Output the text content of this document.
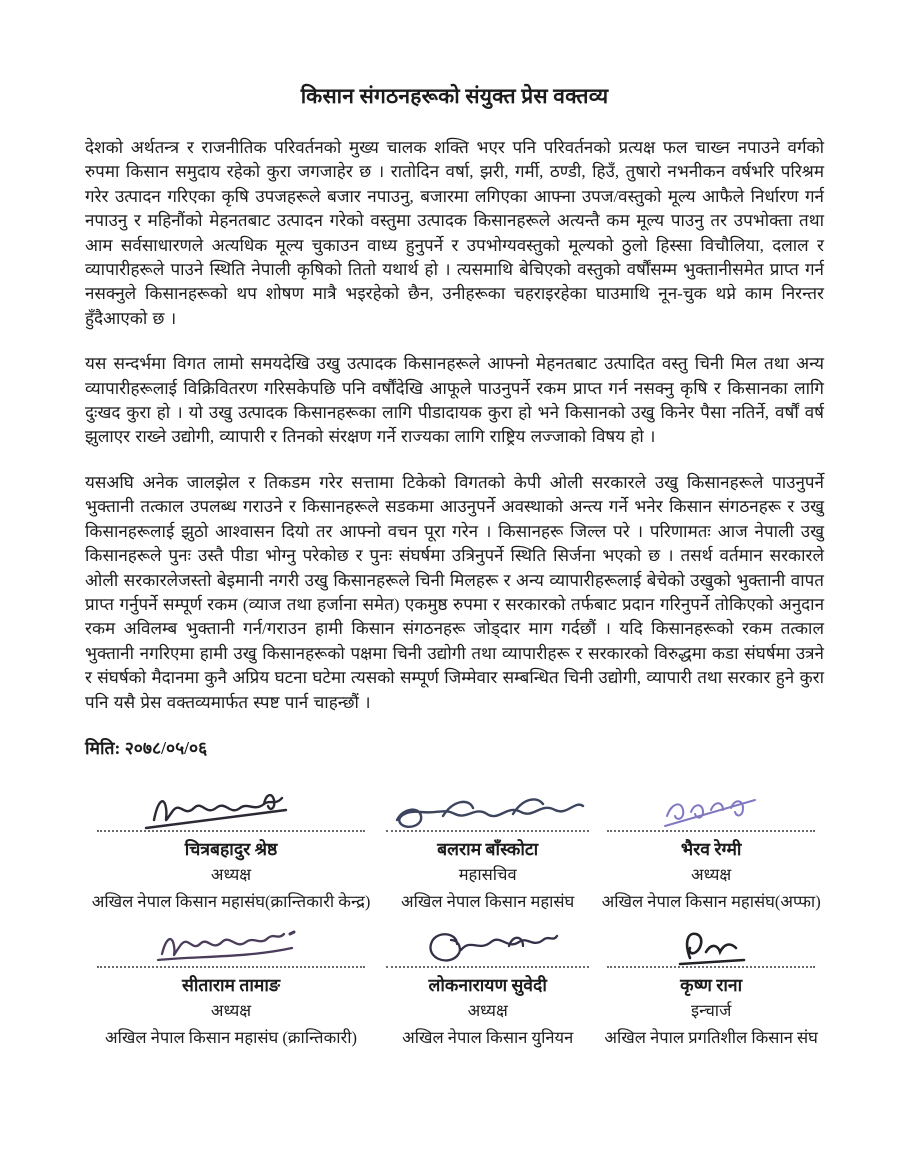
किसान संगठनहरूको संयुक्त प्रेस वक्तव्य

देशको अर्थतन्त्र र राजनीतिक परिवर्तनको मुख्य चालक शक्ति भएर पनि परिवर्तनको प्रत्यक्ष फल चाख्न नपाउने वर्गको रुपमा किसान समुदाय रहेको कुरा जगजाहेर छ । रातोदिन वर्षा, झरी, गर्मी, ठण्डी, हिउँ, तुषारो नभनीकन वर्षभरि परिश्रम गरेर उत्पादन गरिएका कृषि उपजहरूले बजार नपाउनु, बजारमा लगिएका आफ्ना उपज/वस्तुको मूल्य आफैले निर्धारण गर्न नपाउनु र महिनौंको मेहनतबाट उत्पादन गरेको वस्तुमा उत्पादक किसानहरूले अत्यन्तै कम मूल्य पाउनु तर उपभोक्ता तथा आम सर्वसाधारणले अत्यधिक मूल्य चुकाउन वाध्य हुनुपर्ने र उपभोग्यवस्तुको मूल्यको ठुलो हिस्सा विचौलिया, दलाल र व्यापारीहरूले पाउने स्थिति नेपाली कृषिको तितो यथार्थ हो । त्यसमाथि बेचिएको वस्तुको वर्षौंसम्म भुक्तानीसमेत प्राप्त गर्न नसक्नुले किसानहरूको थप शोषण मात्रै भइरहेको छैन, उनीहरूका चहराइरहेका घाउमाथि नून-चुक थप्ने काम निरन्तर हुँदैआएको छ ।

यस सन्दर्भमा विगत लामो समयदेखि उखु उत्पादक किसानहरूले आफ्नो मेहनतबाट उत्पादित वस्तु चिनी मिल तथा अन्य व्यापारीहरूलाई विक्रिवितरण गरिसकेपछि पनि वर्षौंदेखि आफूले पाउनुपर्ने रकम प्राप्त गर्न नसक्नु कृषि र किसानका लागि दुःखद कुरा हो । यो उखु उत्पादक किसानहरूका लागि पीडादायक कुरा हो भने किसानको उखु किनेर पैसा नतिर्ने, वर्षौं वर्ष झुलाएर राख्ने उद्योगी, व्यापारी र तिनको संरक्षण गर्ने राज्यका लागि राष्ट्रिय लज्जाको विषय हो ।

यसअघि अनेक जालझेल र तिकडम गरेर सत्तामा टिकेको विगतको केपी ओली सरकारले उखु किसानहरूले पाउनुपर्ने भुक्तानी तत्काल उपलब्ध गराउने र किसानहरूले सडकमा आउनुपर्ने अवस्थाको अन्त्य गर्ने भनेर किसान संगठनहरू र उखु किसानहरूलाई झुठो आश्वासन दियो तर आफ्नो वचन पूरा गरेन । किसानहरू जिल्ल परे । परिणामतः आज नेपाली उखु किसानहरूले पुनः उस्तै पीडा भोग्नु परेकोछ र पुनः संघर्षमा उत्रिनुपर्ने स्थिति सिर्जना भएको छ । तसर्थ वर्तमान सरकारले ओली सरकारलेजस्तो बेइमानी नगरी उखु किसानहरूले चिनी मिलहरू र अन्य व्यापारीहरूलाई बेचेको उखुको भुक्तानी वापत प्राप्त गर्नुपर्ने सम्पूर्ण रकम (व्याज तथा हर्जाना समेत) एकमुष्ठ रुपमा र सरकारको तर्फबाट प्रदान गरिनुपर्ने तोकिएको अनुदान रकम अविलम्ब भुक्तानी गर्न/गराउन हामी किसान संगठनहरू जोड्दार माग गर्दछौं । यदि किसानहरूको रकम तत्काल भुक्तानी नगरिएमा हामी उखु किसानहरूको पक्षमा चिनी उद्योगी तथा व्यापारीहरू र सरकारको विरुद्धमा कडा संघर्षमा उत्रने र संघर्षको मैदानमा कुनै अप्रिय घटना घटेमा त्यसको सम्पूर्ण जिम्मेवार सम्बन्धित चिनी उद्योगी, व्यापारी तथा सरकार हुने कुरा पनि यसै प्रेस वक्तव्यमार्फत स्पष्ट पार्न चाहन्छौं ।

मिति: २०७८/०५/०६
चित्रबहादुर श्रेष्ठ
अध्यक्ष
अखिल नेपाल किसान महासंघ(क्रान्तिकारी केन्द्र)
बलराम बाँस्कोटा
महासचिव
अखिल नेपाल किसान महासंघ
भैरव रेग्मी
अध्यक्ष
अखिल नेपाल किसान महासंघ(अप्फा)
सीताराम तामाङ
अध्यक्ष
अखिल नेपाल किसान महासंघ (क्रान्तिकारी)
लोकनारायण सुवेदी
अध्यक्ष
अखिल नेपाल किसान युनियन
कृष्ण राना
इन्चार्ज
अखिल नेपाल प्रगतिशील किसान संघ
